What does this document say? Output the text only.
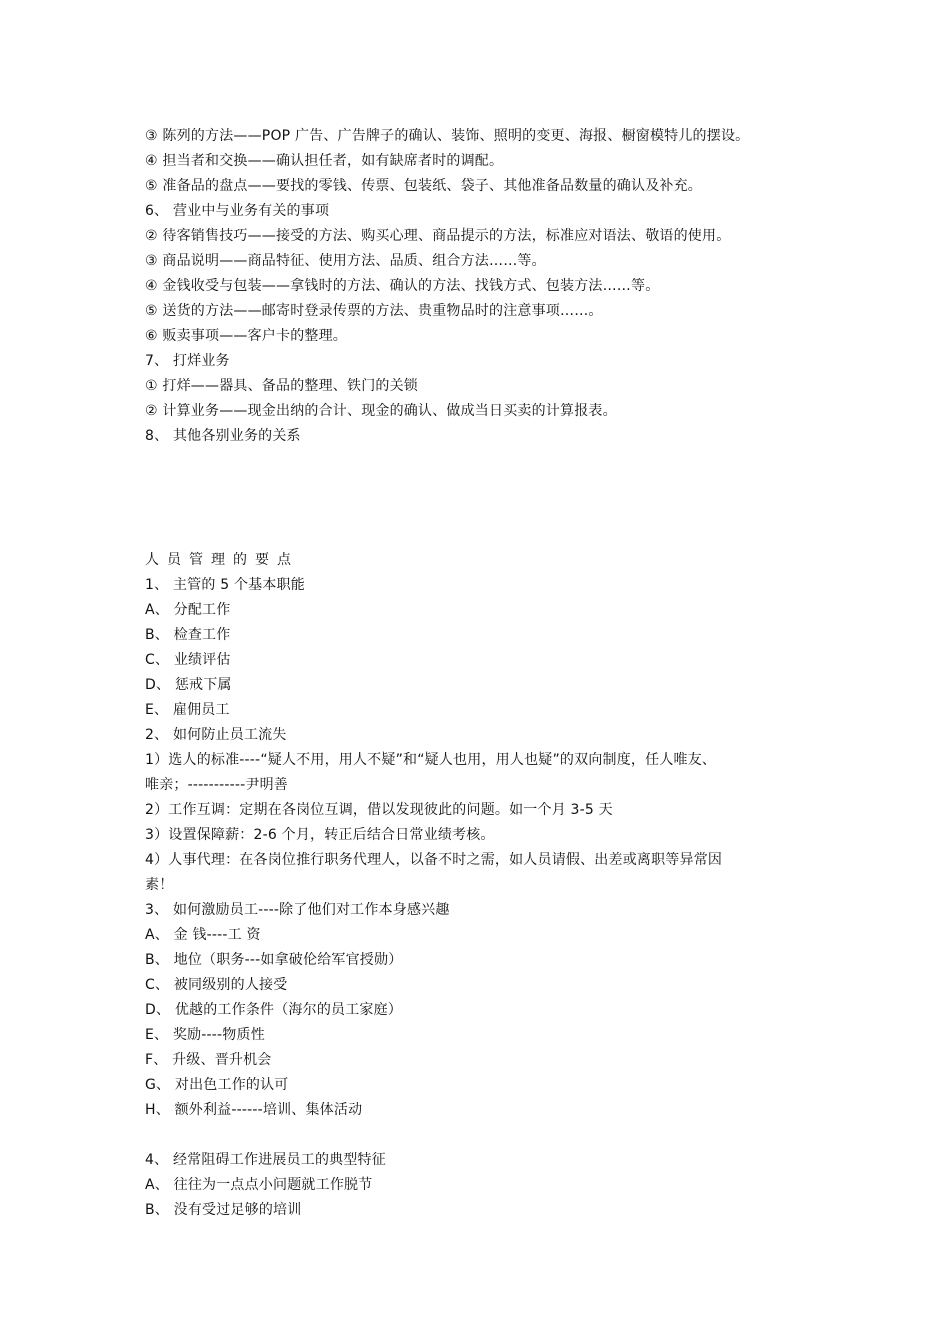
③ 陈列的方法——POP 广告、广告牌子的确认、装饰、照明的变更、海报、橱窗模特儿的摆设。
④ 担当者和交换——确认担任者，如有缺席者时的调配。
⑤ 准备品的盘点——要找的零钱、传票、包装纸、袋子、其他准备品数量的确认及补充。
6、 营业中与业务有关的事项
② 待客销售技巧——接受的方法、购买心理、商品提示的方法，标准应对语法、敬语的使用。
③ 商品说明——商品特征、使用方法、品质、组合方法……等。
④ 金钱收受与包装——拿钱时的方法、确认的方法、找钱方式、包装方法……等。
⑤ 送货的方法——邮寄时登录传票的方法、贵重物品时的注意事项……。
⑥ 贩卖事项——客户卡的整理。
7、 打烊业务
① 打烊——器具、备品的整理、铁门的关锁
② 计算业务——现金出纳的合计、现金的确认、做成当日买卖的计算报表。
8、 其他各别业务的关系
人员管理的要点
1、 主管的 5 个基本职能
A、 分配工作
B、 检查工作
C、 业绩评估
D、 惩戒下属
E、 雇佣员工
2、 如何防止员工流失
1）选人的标准----“疑人不用，用人不疑”和“疑人也用，用人也疑”的双向制度，任人唯友、
唯亲；-----------尹明善
2）工作互调：定期在各岗位互调，借以发现彼此的问题。如一个月 3-5 天
3）设置保障薪：2-6 个月，转正后结合日常业绩考核。
4）人事代理：在各岗位推行职务代理人，以备不时之需，如人员请假、出差或离职等异常因
素！
3、 如何激励员工----除了他们对工作本身感兴趣
A、 金 钱----工 资
B、 地位（职务---如拿破伦给军官授勋）
C、 被同级别的人接受
D、 优越的工作条件（海尔的员工家庭）
E、 奖励----物质性
F、 升级、晋升机会
G、 对出色工作的认可
H、 额外利益------培训、集体活动
4、 经常阻碍工作进展员工的典型特征
A、 往往为一点点小问题就工作脱节
B、 没有受过足够的培训
